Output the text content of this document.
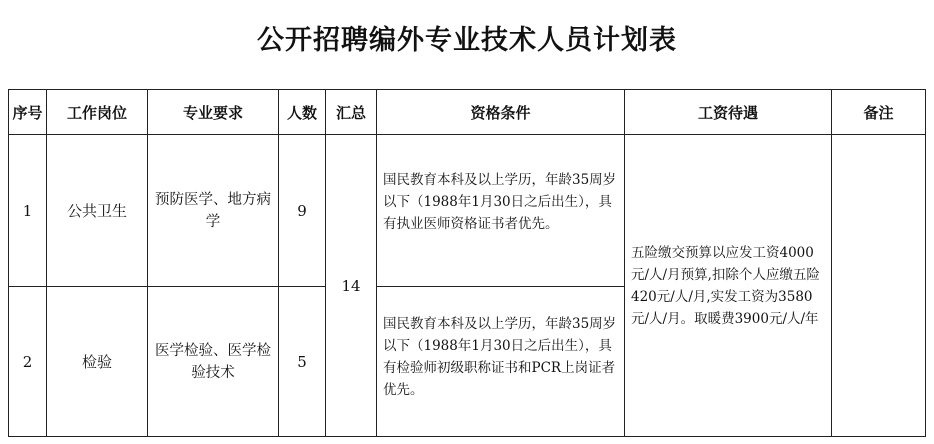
公开招聘编外专业技术人员计划表
序号	工作岗位	专业要求	人数	汇总	资格条件	工资待遇	备注
1	公共卫生	预防医学、地方病学	9	14	国民教育本科及以上学历，年龄35周岁以下（1988年1月30日之后出生），具有执业医师资格证书者优先。	五险缴交预算以应发工资4000元/人/月预算,扣除个人应缴五险420元/人/月,实发工资为3580元/人/月。取暖费3900元/人/年	
2	检验	医学检验、医学检验技术	5		国民教育本科及以上学历，年龄35周岁以下（1988年1月30日之后出生），具有检验师初级职称证书和PCR上岗证者优先。		
